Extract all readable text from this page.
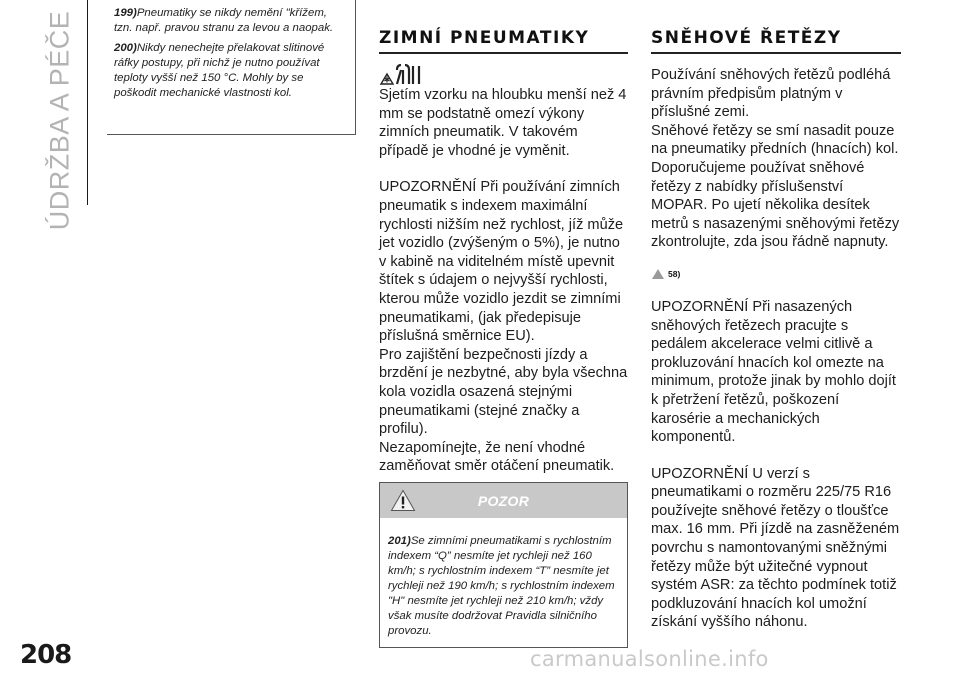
ÚDRŽBA A PÉČE
208

199)Pneumatiky se nikdy nemění "křížem, tzn. např. pravou stranu za levou a naopak.

200)Nikdy nenechejte přelakovat slitinové ráfky postupy, při nichž je nutno používat teploty vyšší než 150 °C. Mohly by se poškodit mechanické vlastnosti kol.

ZIMNÍ PNEUMATIKY

Sjetím vzorku na hloubku menší než 4 mm se podstatně omezí výkony zimních pneumatik. V takovém případě je vhodné je vyměnit.

UPOZORNĚNÍ Při používání zimních pneumatik s indexem maximální rychlosti nižším než rychlost, jíž může jet vozidlo (zvýšeným o 5%), je nutno v kabině na viditelném místě upevnit štítek s údajem o nejvyšší rychlosti, kterou může vozidlo jezdit se zimními pneumatikami, (jak předepisuje příslušná směrnice EU).

Pro zajištění bezpečnosti jízdy a brzdění je nezbytné, aby byla všechna kola vozidla osazená stejnými pneumatikami (stejné značky a profilu).

Nezapomínejte, že není vhodné zaměňovat směr otáčení pneumatik.

POZOR
201)Se zimními pneumatikami s rychlostním indexem “Q” nesmíte jet rychleji než 160 km/h; s rychlostním indexem “T” nesmíte jet rychleji než 190 km/h; s rychlostním indexem "H" nesmíte jet rychleji než 210 km/h; vždy však musíte dodržovat Pravidla silničního provozu.
SNĚHOVÉ ŘETĚZY

Používání sněhových řetězů podléhá právním předpisům platným v příslušné zemi.

Sněhové řetězy se smí nasadit pouze na pneumatiky předních (hnacích) kol. Doporučujeme používat sněhové řetězy z nabídky příslušenství MOPAR. Po ujetí několika desítek metrů s nasazenými sněhovými řetězy zkontrolujte, zda jsou řádně napnuty.

58)

UPOZORNĚNÍ Při nasazených sněhových řetězech pracujte s pedálem akcelerace velmi citlivě a prokluzování hnacích kol omezte na minimum, protože jinak by mohlo dojít k přetržení řetězů, poškození karosérie a mechanických komponentů.

UPOZORNĚNÍ U verzí s pneumatikami o rozměru 225/75 R16 používejte sněhové řetězy o tloušťce max. 16 mm. Při jízdě na zasněženém povrchu s namontovanými sněžnými řetězy může být užitečné vypnout systém ASR: za těchto podmínek totiž podkluzování hnacích kol umožní získání vyššího náhonu.

carmanualsonline.info
